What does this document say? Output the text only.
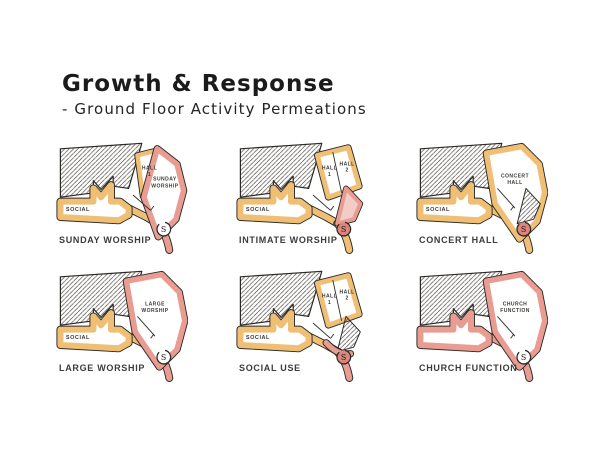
Growth & Response
- Ground Floor Activity Permeations
SUNDAY WORSHIP
S
SOCIAL
HALL
1
SUNDAY
WORSHIP
INTIMATE WORSHIP
S
SOCIAL
HALL
1
HALL
2
CONCERT HALL
S
SOCIAL
CONCERT
HALL
LARGE WORSHIP
S
SOCIAL
LARGE
WORSHIP
SOCIAL USE
S
SOCIAL
HALL
1
HALL
2
CHURCH FUNCTION
S
CHURCH
FUNCTION
